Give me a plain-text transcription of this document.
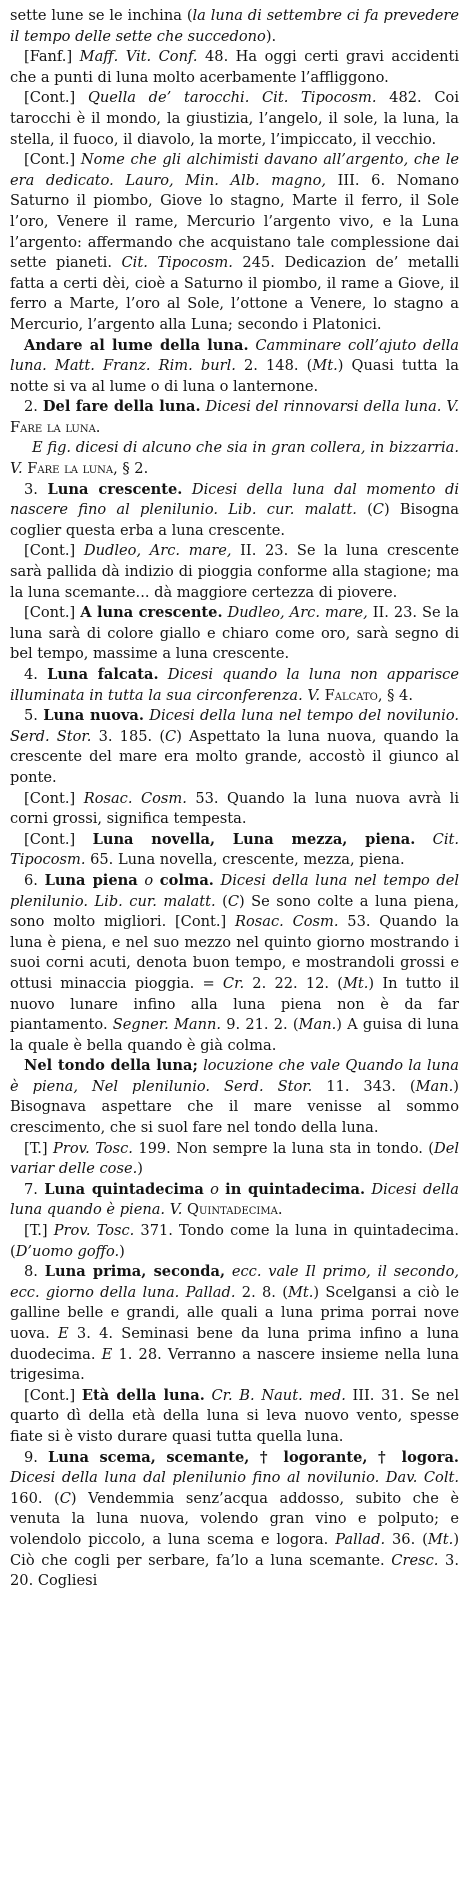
sette lune se le inchina (la luna di settembre ci fa prevedere il tempo delle sette che succedono).

[Fanf.] Maff. Vit. Conf. 48. Ha oggi certi gravi accidenti che a punti di luna molto acerbamente l’affliggono.

[Cont.] Quella de’ tarocchi. Cit. Tipocosm. 482. Coi tarocchi è il mondo, la giustizia, l’angelo, il sole, la luna, la stella, il fuoco, il diavolo, la morte, l’impiccato, il vecchio.

[Cont.] Nome che gli alchimisti davano all’argento, che le era dedicato. Lauro, Min. Alb. magno, III. 6. Nomano Saturno il piombo, Giove lo stagno, Marte il ferro, il Sole l’oro, Venere il rame, Mercurio l’argento vivo, e la Luna l’argento: affermando che acquistano tale complessione dai sette pianeti. Cit. Tipocosm. 245. Dedicazion de’ metalli fatta a certi dèi, cioè a Saturno il piombo, il rame a Giove, il ferro a Marte, l’oro al Sole, l’ottone a Venere, lo stagno a Mercurio, l’argento alla Luna; secondo i Platonici.

Andare al lume della luna. Camminare coll’ajuto della luna. Matt. Franz. Rim. burl. 2. 148. (Mt.) Quasi tutta la notte si va al lume o di luna o lanternone.

2. Del fare della luna. Dicesi del rinnovarsi della luna. V. Fare la luna.

E fig. dicesi di alcuno che sia in gran collera, in bizzarria. V. Fare la luna, § 2.

3. Luna crescente. Dicesi della luna dal momento di nascere fino al plenilunio. Lib. cur. malatt. (C) Bisogna coglier questa erba a luna crescente.

[Cont.] Dudleo, Arc. mare, II. 23. Se la luna crescente sarà pallida dà indizio di pioggia conforme alla stagione; ma la luna scemante... dà maggiore certezza di piovere.

[Cont.] A luna crescente. Dudleo, Arc. mare, II. 23. Se la luna sarà di colore giallo e chiaro come oro, sarà segno di bel tempo, massime a luna crescente.

4. Luna falcata. Dicesi quando la luna non apparisce illuminata in tutta la sua circonferenza. V. Falcato, § 4.

5. Luna nuova. Dicesi della luna nel tempo del novilunio. Serd. Stor. 3. 185. (C) Aspettato la luna nuova, quando la crescente del mare era molto grande, accostò il giunco al ponte.

[Cont.] Rosac. Cosm. 53. Quando la luna nuova avrà li corni grossi, significa tempesta.

[Cont.] Luna novella, Luna mezza, piena. Cit. Tipocosm. 65. Luna novella, crescente, mezza, piena.

6. Luna piena o colma. Dicesi della luna nel tempo del plenilunio. Lib. cur. malatt. (C) Se sono colte a luna piena, sono molto migliori. [Cont.] Rosac. Cosm. 53. Quando la luna è piena, e nel suo mezzo nel quinto giorno mostrando i suoi corni acuti, denota buon tempo, e mostrandoli grossi e ottusi minaccia pioggia. = Cr. 2. 22. 12. (Mt.) In tutto il nuovo lunare infino alla luna piena non è da far piantamento. Segner. Mann. 9. 21. 2. (Man.) A guisa di luna la quale è bella quando è già colma.

Nel tondo della luna; locuzione che vale Quando la luna è piena, Nel plenilunio. Serd. Stor. 11. 343. (Man.) Bisognava aspettare che il mare venisse al sommo crescimento, che si suol fare nel tondo della luna.

[T.] Prov. Tosc. 199. Non sempre la luna sta in tondo. (Del variar delle cose.)

7. Luna quintadecima o in quintadecima. Dicesi della luna quando è piena. V. Quintadecima.

[T.] Prov. Tosc. 371. Tondo come la luna in quintadecima. (D’uomo goffo.)

8. Luna prima, seconda, ecc. vale Il primo, il secondo, ecc. giorno della luna. Pallad. 2. 8. (Mt.) Scelgansi a ciò le galline belle e grandi, alle quali a luna prima porrai nove uova. E 3. 4. Seminasi bene da luna prima infino a luna duodecima. E 1. 28. Verranno a nascere insieme nella luna trigesima.

[Cont.] Età della luna. Cr. B. Naut. med. III. 31. Se nel quarto dì della età della luna si leva nuovo vento, spesse fiate si è visto durare quasi tutta quella luna.

9. Luna scema, scemante, † logorante, † logora. Dicesi della luna dal plenilunio fino al novilunio. Dav. Colt. 160. (C) Vendemmia senz’acqua addosso, subito che è venuta la luna nuova, volendo gran vino e polputo; e volendolo piccolo, a luna scema e logora. Pallad. 36. (Mt.) Ciò che cogli per serbare, fa’lo a luna scemante. Cresc. 3. 20. Cogliesi
